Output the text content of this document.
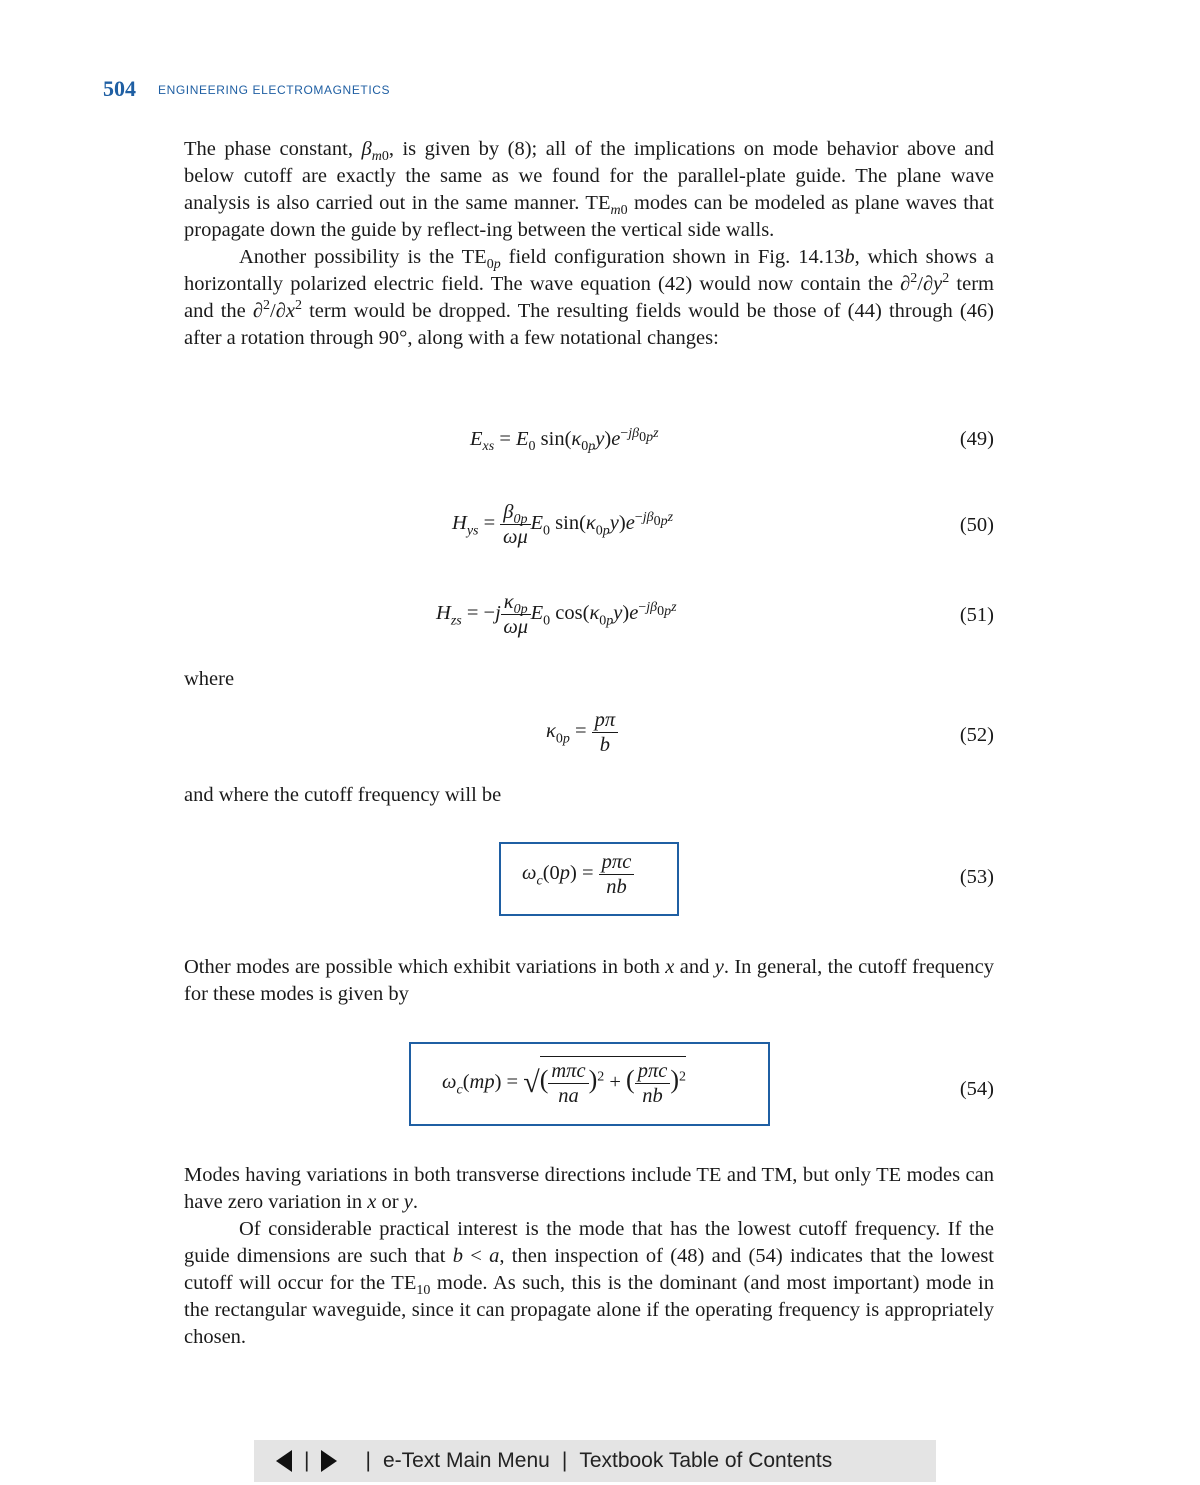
504 ENGINEERING ELECTROMAGNETICS

The phase constant, $\beta_{m0}$, is given by (8); all of the implications on mode behavior above and below cutoff are exactly the same as we found for the parallel-plate guide. The plane wave analysis is also carried out in the same manner. $TE_{m0}$ modes can be modeled as plane waves that propagate down the guide by reflect-ing between the vertical side walls.
Another possibility is the $TE_{0p}$ field configuration shown in Fig. 14.13b, which shows a horizontally polarized electric field. The wave equation (42) would now contain the $\partial^2/\partial y^2$ term and the $\partial^2/\partial x^2$ term would be dropped. The resulting fields would be those of (44) through (46) after a rotation through 90°, along with a few notational changes:

$E_{xs} = E_0$ $\sin(\kappa_{0p}y)e^{-j\beta_{0p}z}$	(49)
$H_{ys} = \frac{\beta_{0p}}{\omega\mu} E_0$ $\sin(\kappa_{0p}y)e^{-j\beta_{0p}z}$	(50)
$H_{zs} = -j \frac{\kappa_{0p}}{\omega\mu} E_0$ $\cos(\kappa_{0p}y)e^{-j\beta_{0p}z}$	(51)

where

$\kappa_{0p} = \frac{p\pi}{b}$	(52)

and where the cutoff frequency will be

$\omega_c(0p) = \frac{\text{pπc}}{nb}$	(53)

Other modes are possible which exhibit variations in both x and y. In general, the cutoff frequency for these modes is given by

$\omega_c(mp)$ = √( $\frac{\text{mπc}}{na} )^2$ + ( $\frac{\text{pπc}}{nb} )^2$
(54)

Modes having variations in both transverse directions include TE and TM, but only TE modes can have zero variation in x or y.
Of considerable practical interest is the mode that has the lowest cutoff frequency. If the guide dimensions are such that b < a, then inspection of (48) and (54) indicates that the lowest cutoff will occur for the $TE_{10}$ mode. As such, this is the dominant (and most important) mode in the rectangular waveguide, since it can propagate alone if the operating frequency is appropriately chosen.

|	| e-Text Main Menu | Textbook Table of Contents
